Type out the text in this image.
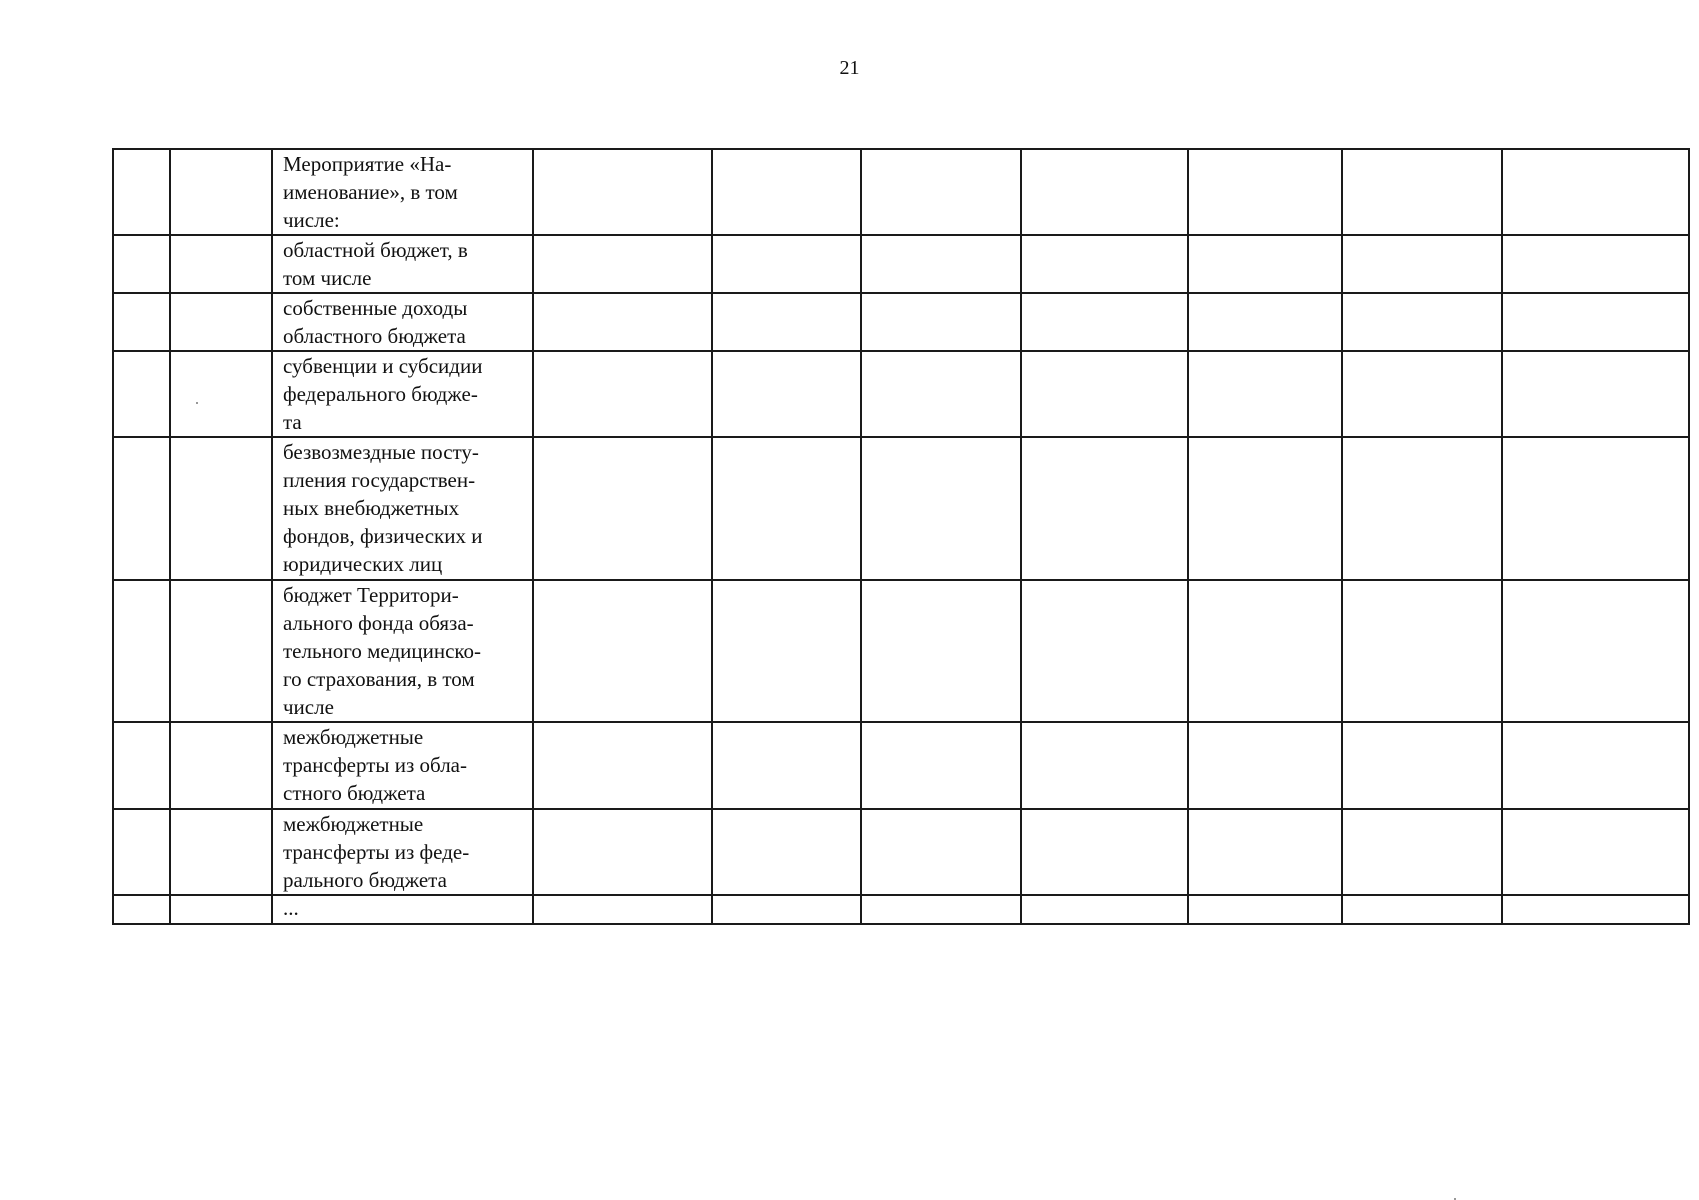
21
		Мероприятие «На-
именование», в том
числе:							
		областной бюджет, в
том числе							
		собственные доходы
областного бюджета							
		субвенции и субсидии
федерального бюдже-
та							
		безвозмездные посту-
пления государствен-
ных внебюджетных
фондов, физических и
юридических лиц							
		бюджет Территори-
ального фонда обяза-
тельного медицинско-
го страхования, в том
числе							
		межбюджетные
трансферты из обла-
стного бюджета							
		межбюджетные
трансферты из феде-
рального бюджета							
		...							
